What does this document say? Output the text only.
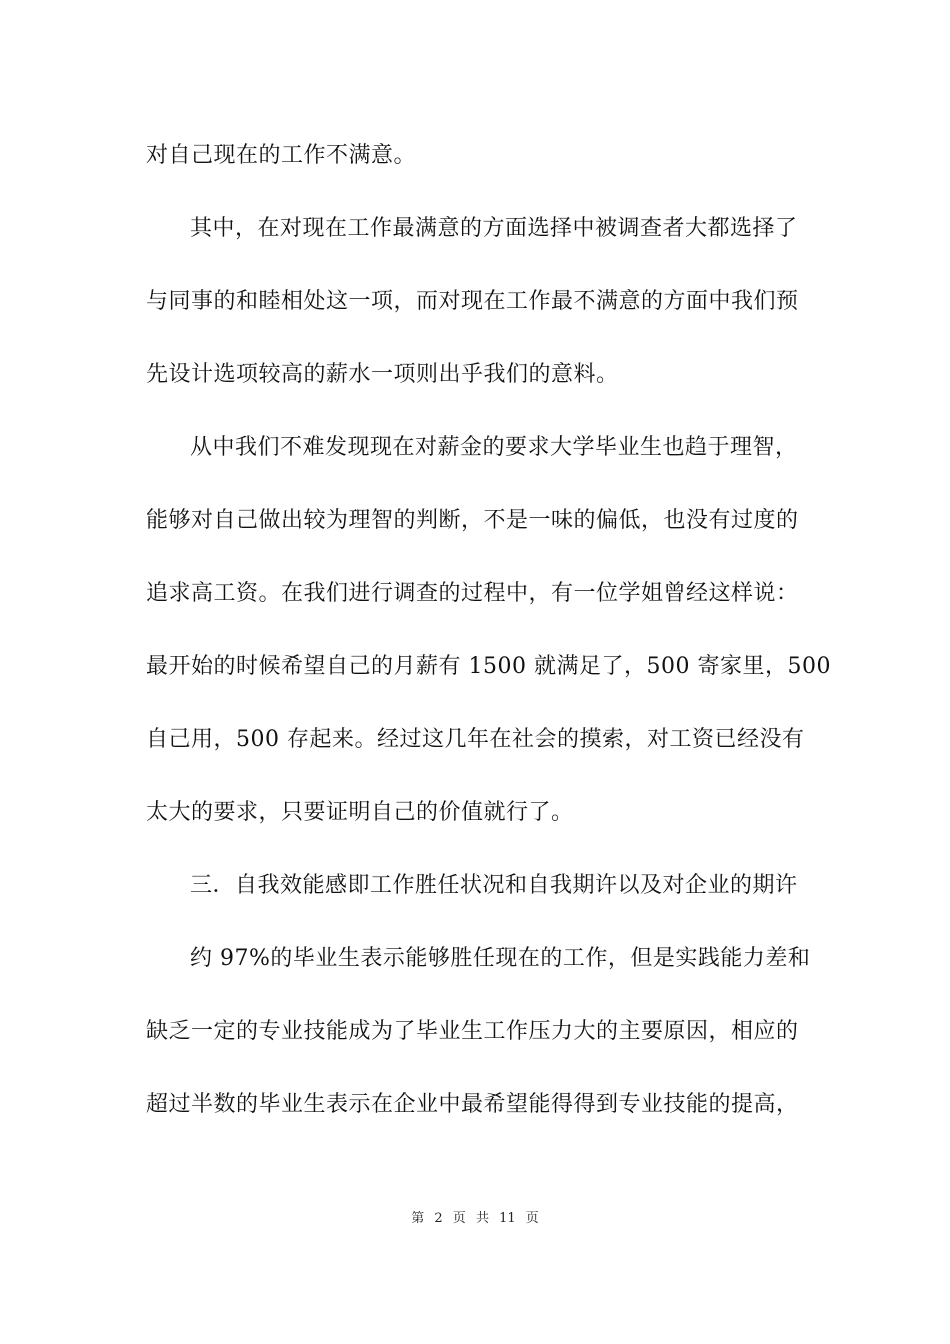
对自己现在的工作不满意。
其中，在对现在工作最满意的方面选择中被调查者大都选择了
与同事的和睦相处这一项，而对现在工作最不满意的方面中我们预
先设计选项较高的薪水一项则出乎我们的意料。
从中我们不难发现现在对薪金的要求大学毕业生也趋于理智，
能够对自己做出较为理智的判断，不是一味的偏低，也没有过度的
追求高工资。在我们进行调查的过程中，有一位学姐曾经这样说：
最开始的时候希望自己的月薪有 1500 就满足了，500 寄家里，500
自己用，500 存起来。经过这几年在社会的摸索，对工资已经没有
太大的要求，只要证明自己的价值就行了。
三．自我效能感即工作胜任状况和自我期许以及对企业的期许
约 97%的毕业生表示能够胜任现在的工作，但是实践能力差和
缺乏一定的专业技能成为了毕业生工作压力大的主要原因，相应的
超过半数的毕业生表示在企业中最希望能得得到专业技能的提高，
第 2 页 共 11 页
